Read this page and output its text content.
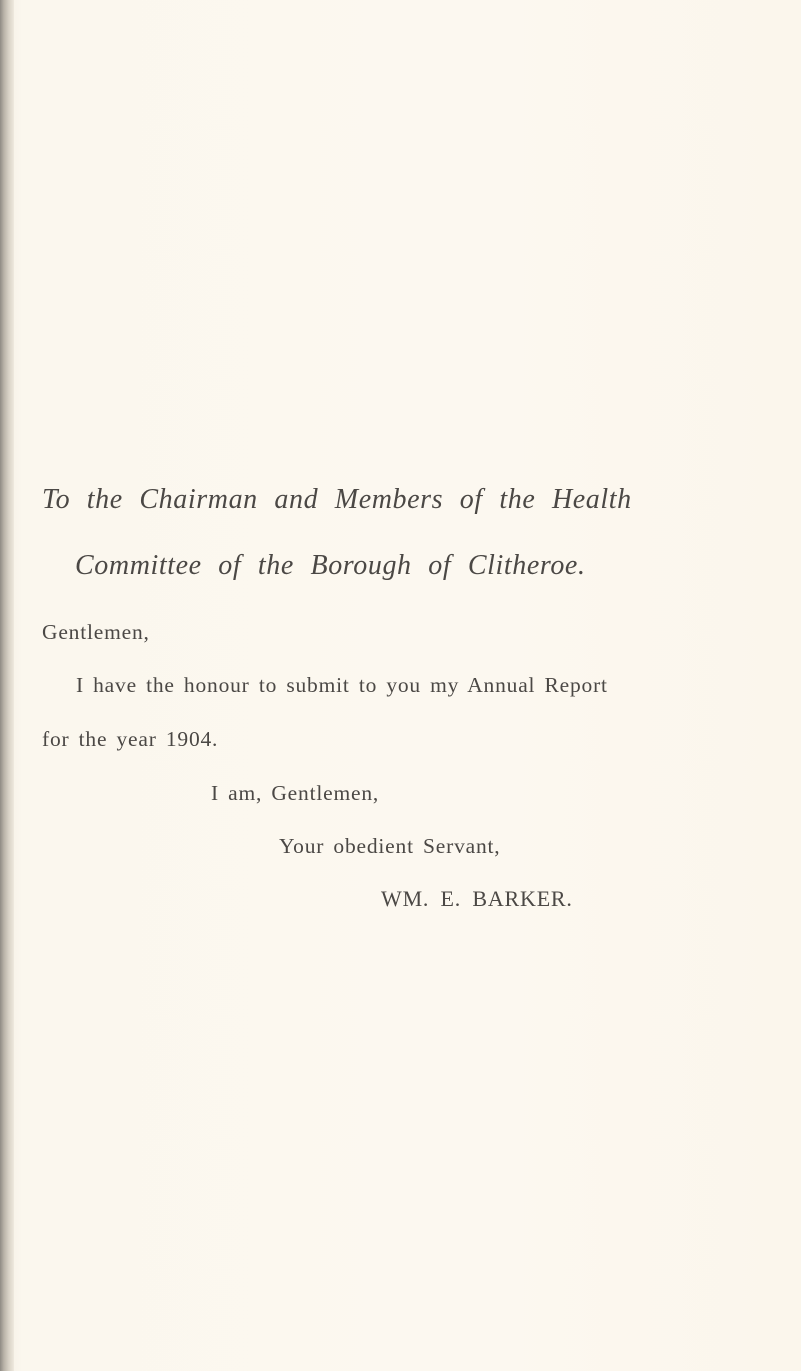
To the Chairman and Members of the Health
Committee of the Borough of Clitheroe.
Gentlemen,
I have the honour to submit to you my Annual Report
for the year 1904.
I am, Gentlemen,
Your obedient Servant,
WM. E. BARKER.
